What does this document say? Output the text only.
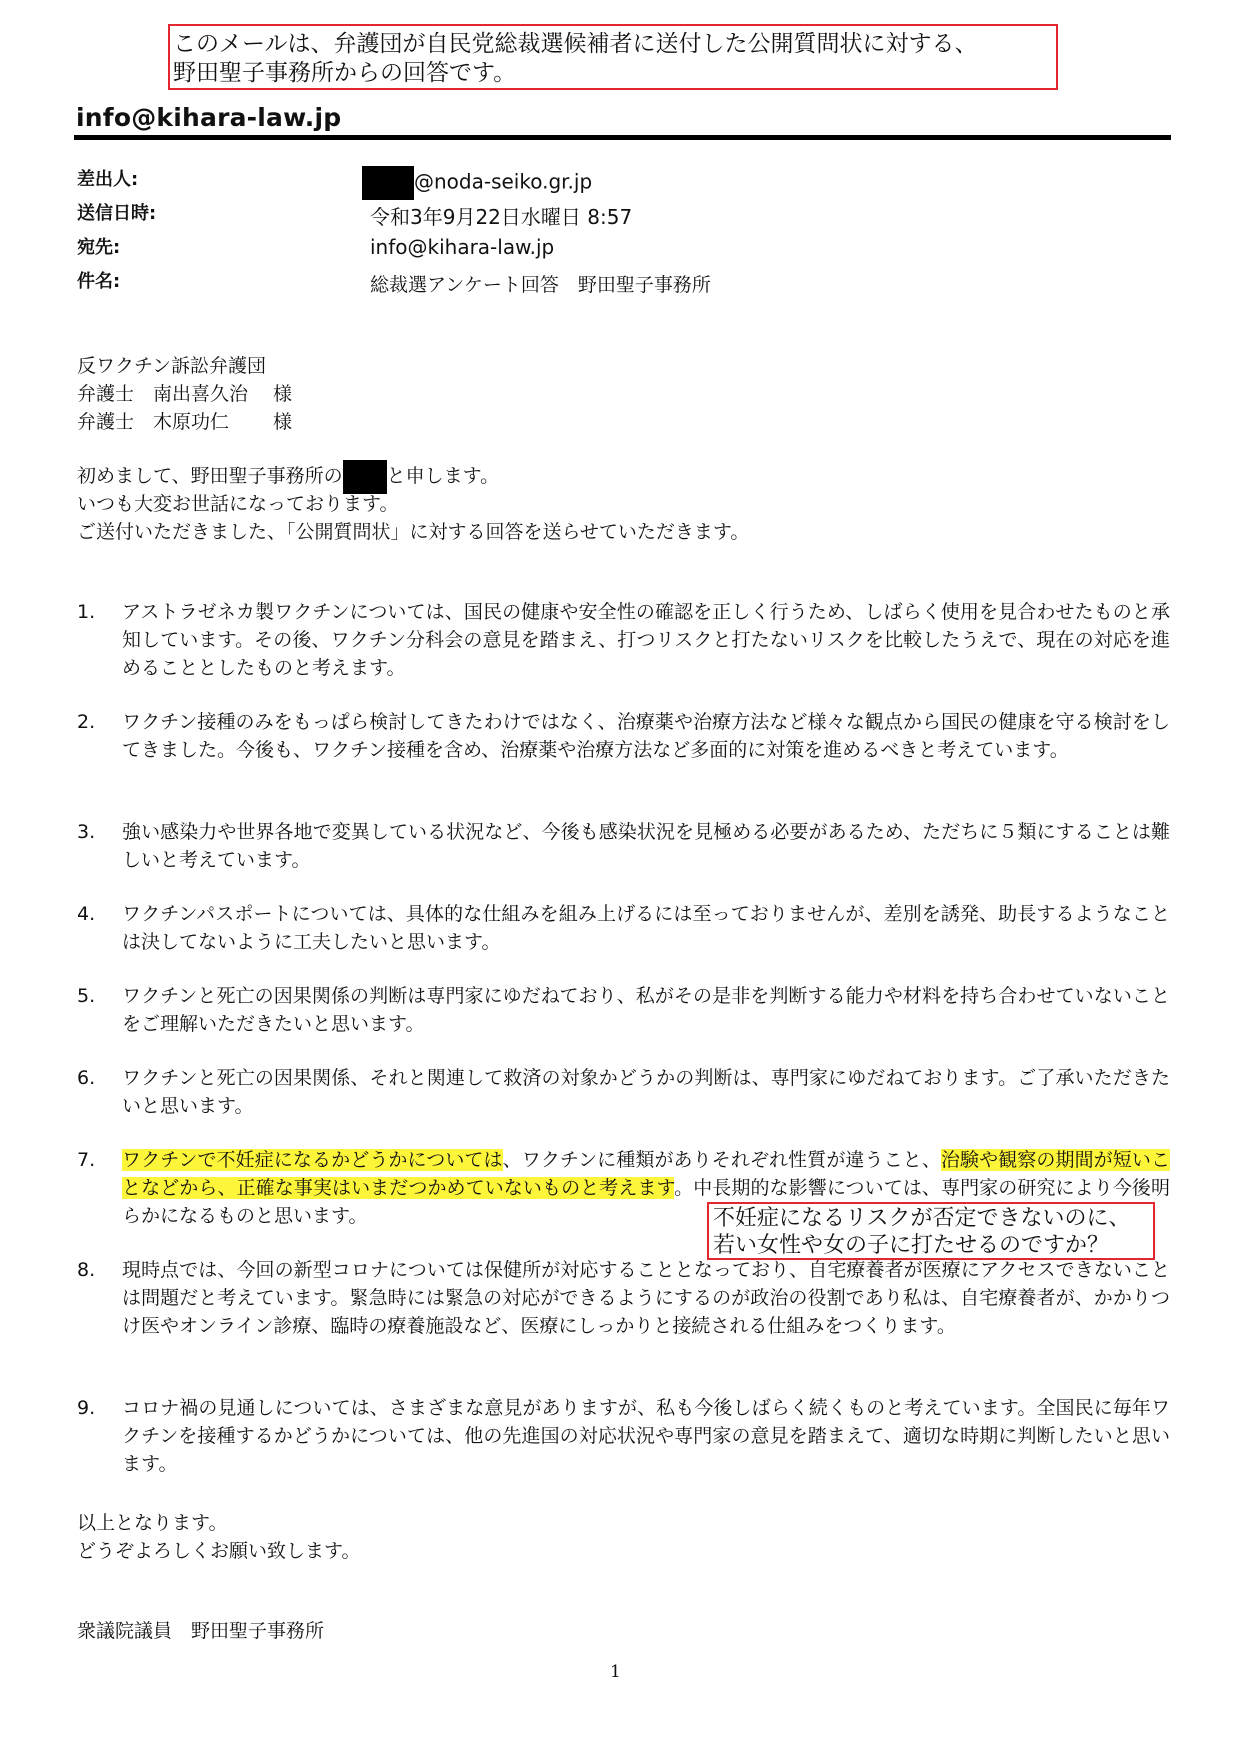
このメールは、弁護団が自民党総裁選候補者に送付した公開質問状に対する、
野田聖子事務所からの回答です。
info@kihara-law.jp
差出人:	@noda-seiko.gr.jp
送信日時:	令和3年9月22日水曜日 8:57
宛先:	info@kihara-law.jp
件名:	総裁選アンケート回答　野田聖子事務所
反ワクチン訴訟弁護団
弁護士　南出喜久治　 様
弁護士　木原功仁　　 様
初めまして、野田聖子事務所の と申します。
いつも大変お世話になっております。
ご送付いただきました、「公開質問状」に対する回答を送らせていただきます。
1. アストラゼネカ製ワクチンについては、国民の健康や安全性の確認を正しく行うため、しばらく使用を見合わせたものと承知しています。その後、ワクチン分科会の意見を踏まえ、打つリスクと打たないリスクを比較したうえで、現在の対応を進めることとしたものと考えます。
2. ワクチン接種のみをもっぱら検討してきたわけではなく、治療薬や治療方法など様々な観点から国民の健康を守る検討をしてきました。今後も、ワクチン接種を含め、治療薬や治療方法など多面的に対策を進めるべきと考えています。
3. 強い感染力や世界各地で変異している状況など、今後も感染状況を見極める必要があるため、ただちに５類にすることは難しいと考えています。
4. ワクチンパスポートについては、具体的な仕組みを組み上げるには至っておりませんが、差別を誘発、助長するようなことは決してないように工夫したいと思います。
5. ワクチンと死亡の因果関係の判断は専門家にゆだねており、私がその是非を判断する能力や材料を持ち合わせていないことをご理解いただきたいと思います。
6. ワクチンと死亡の因果関係、それと関連して救済の対象かどうかの判断は、専門家にゆだねております。ご了承いただきたいと思います。
7. ワクチンで不妊症になるかどうかについては、ワクチンに種類がありそれぞれ性質が違うこと、治験や観察の期間が短いことなどから、正確な事実はいまだつかめていないものと考えます。中長期的な影響については、専門家の研究により今後明らかになるものと思います。	不妊症になるリスクが否定できないのに、
若い女性や女の子に打たせるのですか？
8. 現時点では、今回の新型コロナについては保健所が対応することとなっており、自宅療養者が医療にアクセスできないことは問題だと考えています。緊急時には緊急の対応ができるようにするのが政治の役割であり私は、自宅療養者が、かかりつけ医やオンライン診療、臨時の療養施設など、医療にしっかりと接続される仕組みをつくります。
9. コロナ禍の見通しについては、さまざまな意見がありますが、私も今後しばらく続くものと考えています。全国民に毎年ワクチンを接種するかどうかについては、他の先進国の対応状況や専門家の意見を踏まえて、適切な時期に判断したいと思います。
以上となります。
どうぞよろしくお願い致します。
衆議院議員　野田聖子事務所
1
